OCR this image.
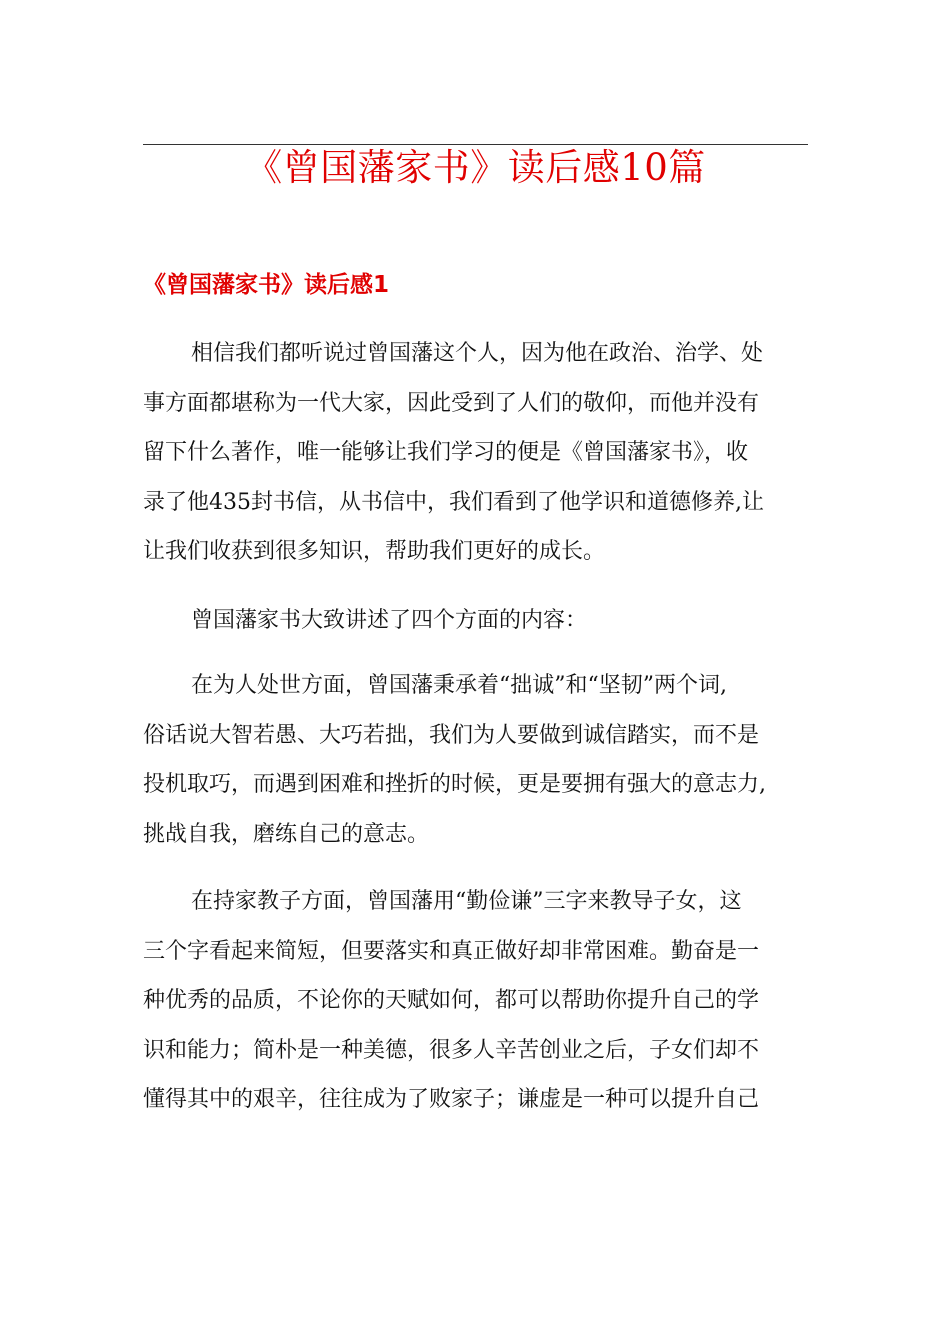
《曾国藩家书》读后感10篇
《曾国藩家书》读后感1
相信我们都听说过曾国藩这个人，因为他在政治、治学、处
事方面都堪称为一代大家，因此受到了人们的敬仰，而他并没有
留下什么著作，唯一能够让我们学习的便是《曾国藩家书》，收
录了他435封书信，从书信中，我们看到了他学识和道德修养,让
让我们收获到很多知识，帮助我们更好的成长。
曾国藩家书大致讲述了四个方面的内容：
在为人处世方面，曾国藩秉承着“拙诚”和“坚韧”两个词,
俗话说大智若愚、大巧若拙，我们为人要做到诚信踏实，而不是
投机取巧，而遇到困难和挫折的时候，更是要拥有强大的意志力,
挑战自我，磨练自己的意志。
在持家教子方面，曾国藩用“勤俭谦”三字来教导子女，这
三个字看起来简短，但要落实和真正做好却非常困难。勤奋是一
种优秀的品质，不论你的天赋如何，都可以帮助你提升自己的学
识和能力；简朴是一种美德，很多人辛苦创业之后，子女们却不
懂得其中的艰辛，往往成为了败家子；谦虚是一种可以提升自己
